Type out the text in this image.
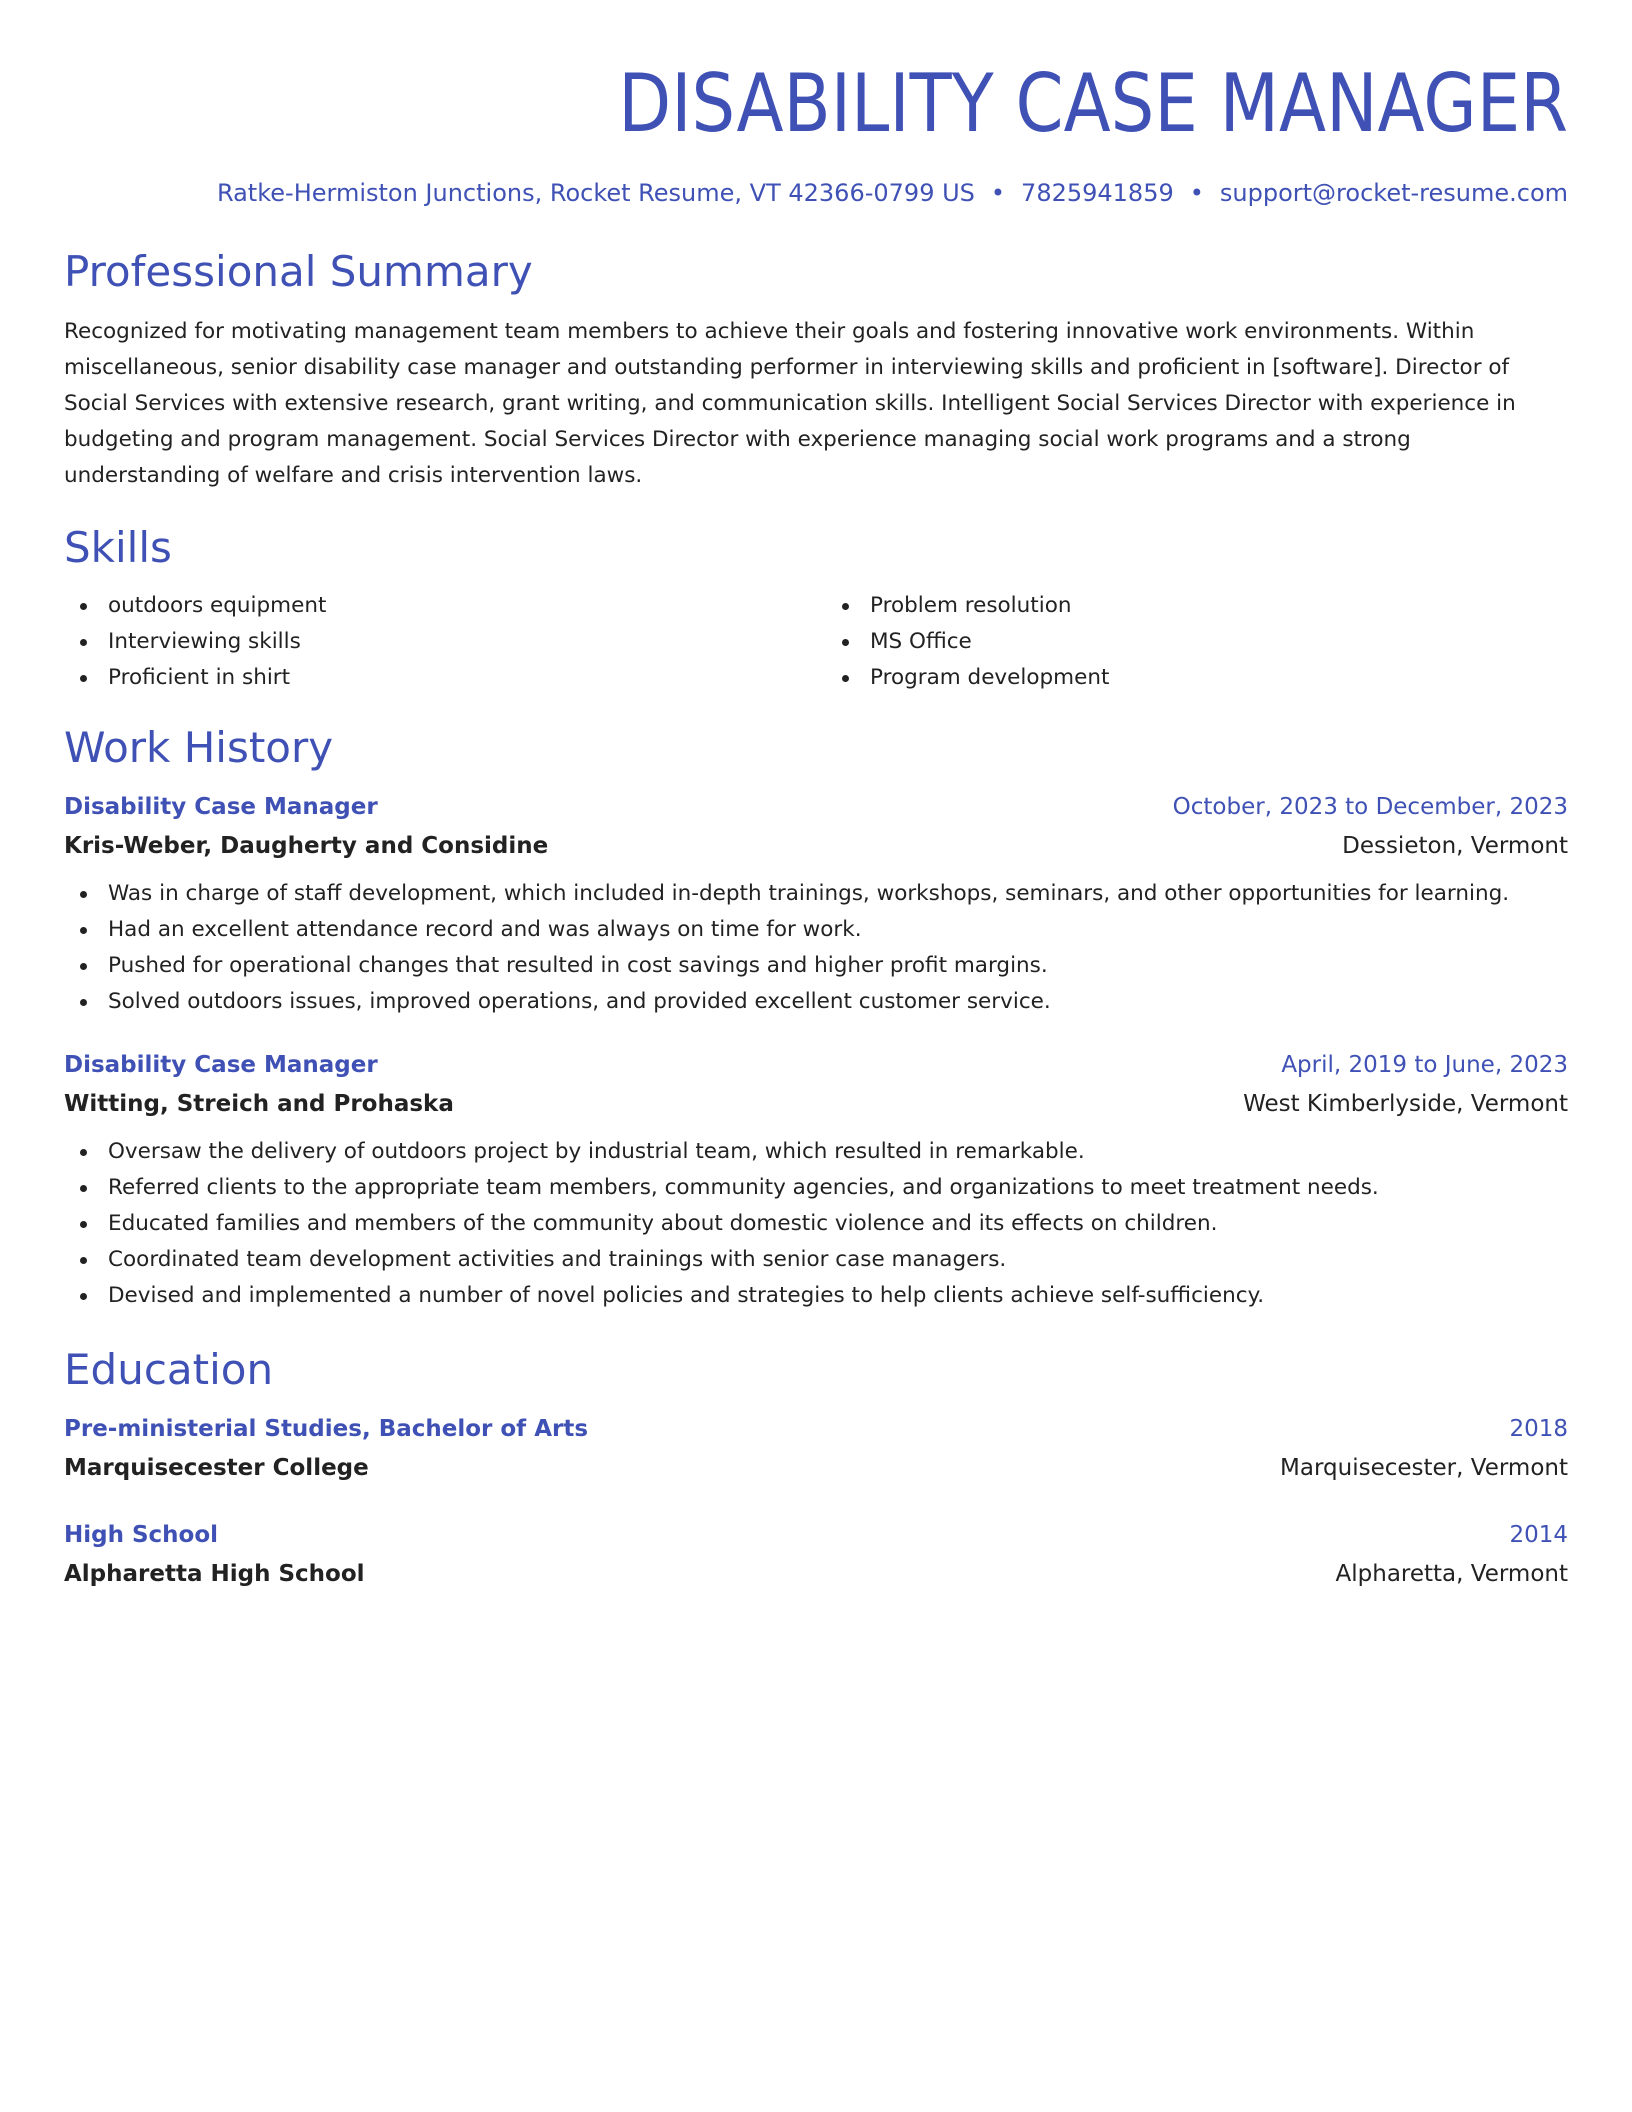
DISABILITY CASE MANAGER
Ratke-Hermiston Junctions, Rocket Resume, VT 42366-0799 US • 7825941859 • support@rocket-resume.com
Professional Summary
Recognized for motivating management team members to achieve their goals and fostering innovative work environments. Within miscellaneous, senior disability case manager and outstanding performer in interviewing skills and proficient in [software]. Director of Social Services with extensive research, grant writing, and communication skills. Intelligent Social Services Director with experience in budgeting and program management. Social Services Director with experience managing social work programs and a strong understanding of welfare and crisis intervention laws.
Skills
outdoors equipment
Interviewing skills
Proficient in shirt
Problem resolution
MS Office
Program development
Work History
Disability Case Manager	October, 2023 to December, 2023
Kris-Weber, Daugherty and Considine	Dessieton, Vermont
Was in charge of staff development, which included in-depth trainings, workshops, seminars, and other opportunities for learning.
Had an excellent attendance record and was always on time for work.
Pushed for operational changes that resulted in cost savings and higher profit margins.
Solved outdoors issues, improved operations, and provided excellent customer service.
Disability Case Manager	April, 2019 to June, 2023
Witting, Streich and Prohaska	West Kimberlyside, Vermont
Oversaw the delivery of outdoors project by industrial team, which resulted in remarkable.
Referred clients to the appropriate team members, community agencies, and organizations to meet treatment needs.
Educated families and members of the community about domestic violence and its effects on children.
Coordinated team development activities and trainings with senior case managers.
Devised and implemented a number of novel policies and strategies to help clients achieve self-sufficiency.
Education
Pre-ministerial Studies, Bachelor of Arts	2018
Marquisecester College	Marquisecester, Vermont
High School	2014
Alpharetta High School	Alpharetta, Vermont
